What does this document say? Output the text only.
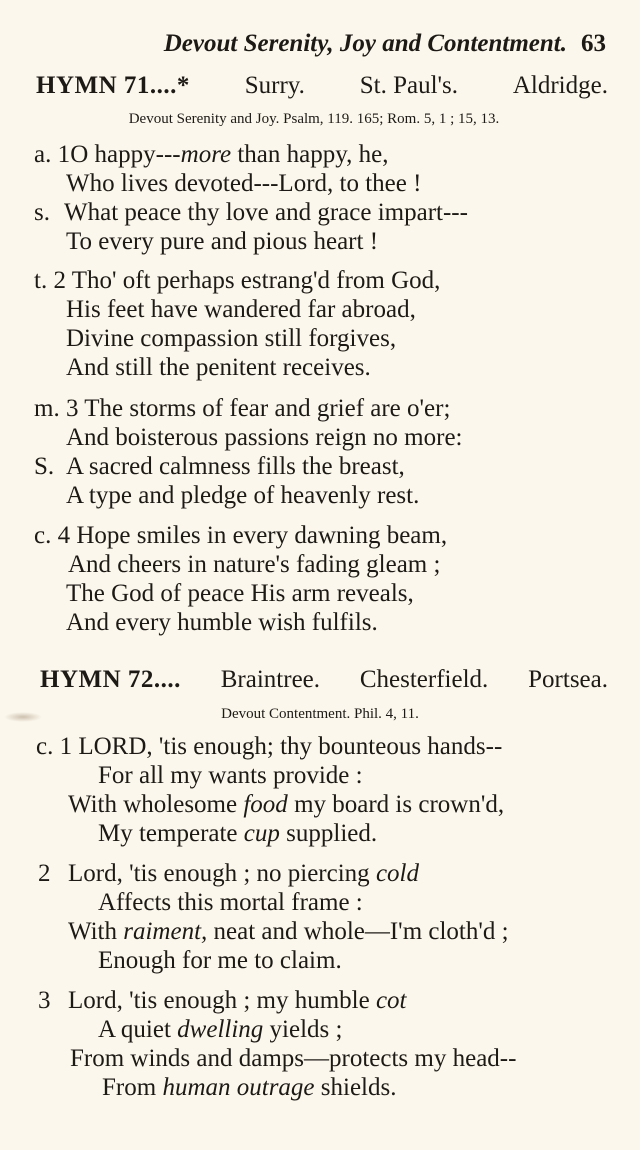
Devout Serenity, Joy and Contentment. 63
HYMN 71....* Surry. St. Paul's. Aldridge.
Devout Serenity and Joy. Psalm, 119. 165; Rom. 5, 1 ; 15, 13.
a. 1 O happy---more than happy, he,
Who lives devoted---Lord, to thee !
s. What peace thy love and grace impart---
To every pure and pious heart !
t. 2 Tho' oft perhaps estrang'd from God,
His feet have wandered far abroad,
Divine compassion still forgives,
And still the penitent receives.
m. 3 The storms of fear and grief are o'er;
And boisterous passions reign no more:
S. A sacred calmness fills the breast,
A type and pledge of heavenly rest.
c. 4 Hope smiles in every dawning beam,
And cheers in nature's fading gleam ;
The God of peace His arm reveals,
And every humble wish fulfils.
HYMN 72.... Braintree. Chesterfield. Portsea.
Devout Contentment. Phil. 4, 11.
c. 1 LORD, 'tis enough; thy bounteous hands--
For all my wants provide :
With wholesome food my board is crown'd,
My temperate cup supplied.
2 Lord, 'tis enough ; no piercing cold
Affects this mortal frame :
With raiment, neat and whole—I'm cloth'd ;
Enough for me to claim.
3 Lord, 'tis enough ; my humble cot
A quiet dwelling yields ;
From winds and damps—protects my head--
From human outrage shields.
